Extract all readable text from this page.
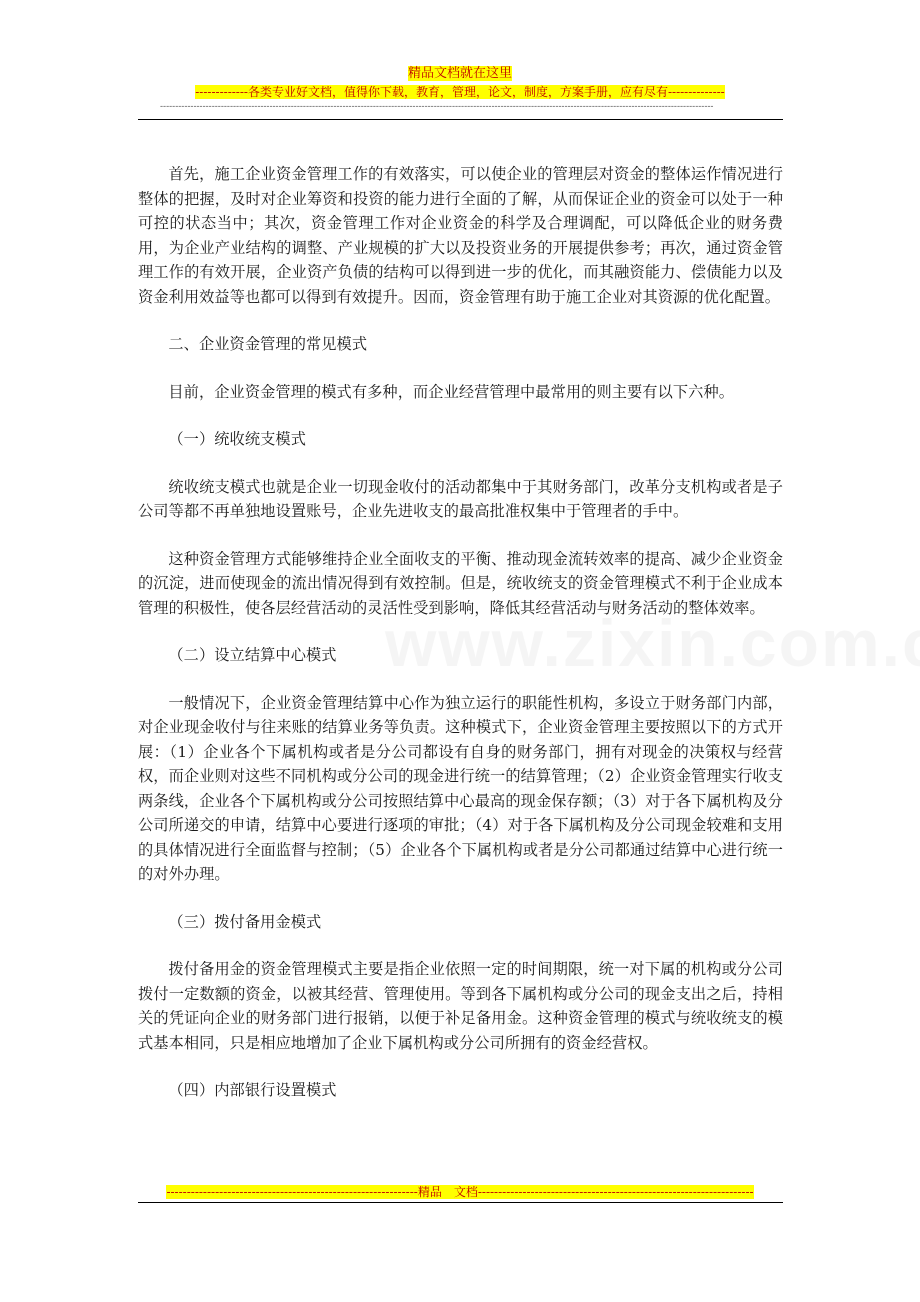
精品文档就在这里
-------------各类专业好文档，值得你下载，教育，管理，论文，制度，方案手册，应有尽有--------------
--------------------------------------------------------------------------------------------------------------------------------------------------------------------------------------

首先，施工企业资金管理工作的有效落实，可以使企业的管理层对资金的整体运作情况进行整体的把握，及时对企业筹资和投资的能力进行全面的了解，从而保证企业的资金可以处于一种可控的状态当中；其次，资金管理工作对企业资金的科学及合理调配，可以降低企业的财务费用，为企业产业结构的调整、产业规模的扩大以及投资业务的开展提供参考；再次，通过资金管理工作的有效开展，企业资产负债的结构可以得到进一步的优化，而其融资能力、偿债能力以及资金利用效益等也都可以得到有效提升。因而，资金管理有助于施工企业对其资源的优化配置。

二、企业资金管理的常见模式

目前，企业资金管理的模式有多种，而企业经营管理中最常用的则主要有以下六种。

（一）统收统支模式

统收统支模式也就是企业一切现金收付的活动都集中于其财务部门，改革分支机构或者是子公司等都不再单独地设置账号，企业先进收支的最高批准权集中于管理者的手中。

这种资金管理方式能够维持企业全面收支的平衡、推动现金流转效率的提高、减少企业资金的沉淀，进而使现金的流出情况得到有效控制。但是，统收统支的资金管理模式不利于企业成本管理的积极性，使各层经营活动的灵活性受到影响，降低其经营活动与财务活动的整体效率。

（二）设立结算中心模式

一般情况下，企业资金管理结算中心作为独立运行的职能性机构，多设立于财务部门内部，对企业现金收付与往来账的结算业务等负责。这种模式下，企业资金管理主要按照以下的方式开展：（1）企业各个下属机构或者是分公司都设有自身的财务部门，拥有对现金的决策权与经营权，而企业则对这些不同机构或分公司的现金进行统一的结算管理；（2）企业资金管理实行收支两条线，企业各个下属机构或分公司按照结算中心最高的现金保存额；（3）对于各下属机构及分公司所递交的申请，结算中心要进行逐项的审批；（4）对于各下属机构及分公司现金较难和支用的具体情况进行全面监督与控制；（5）企业各个下属机构或者是分公司都通过结算中心进行统一的对外办理。

（三）拨付备用金模式

拨付备用金的资金管理模式主要是指企业依照一定的时间期限，统一对下属的机构或分公司拨付一定数额的资金，以被其经营、管理使用。等到各下属机构或分公司的现金支出之后，持相关的凭证向企业的财务部门进行报销，以便于补足备用金。这种资金管理的模式与统收统支的模式基本相同，只是相应地增加了企业下属机构或分公司所拥有的资金经营权。

（四）内部银行设置模式

--------------------------------------------------------------精品　文档--------------------------------------------------------------------
